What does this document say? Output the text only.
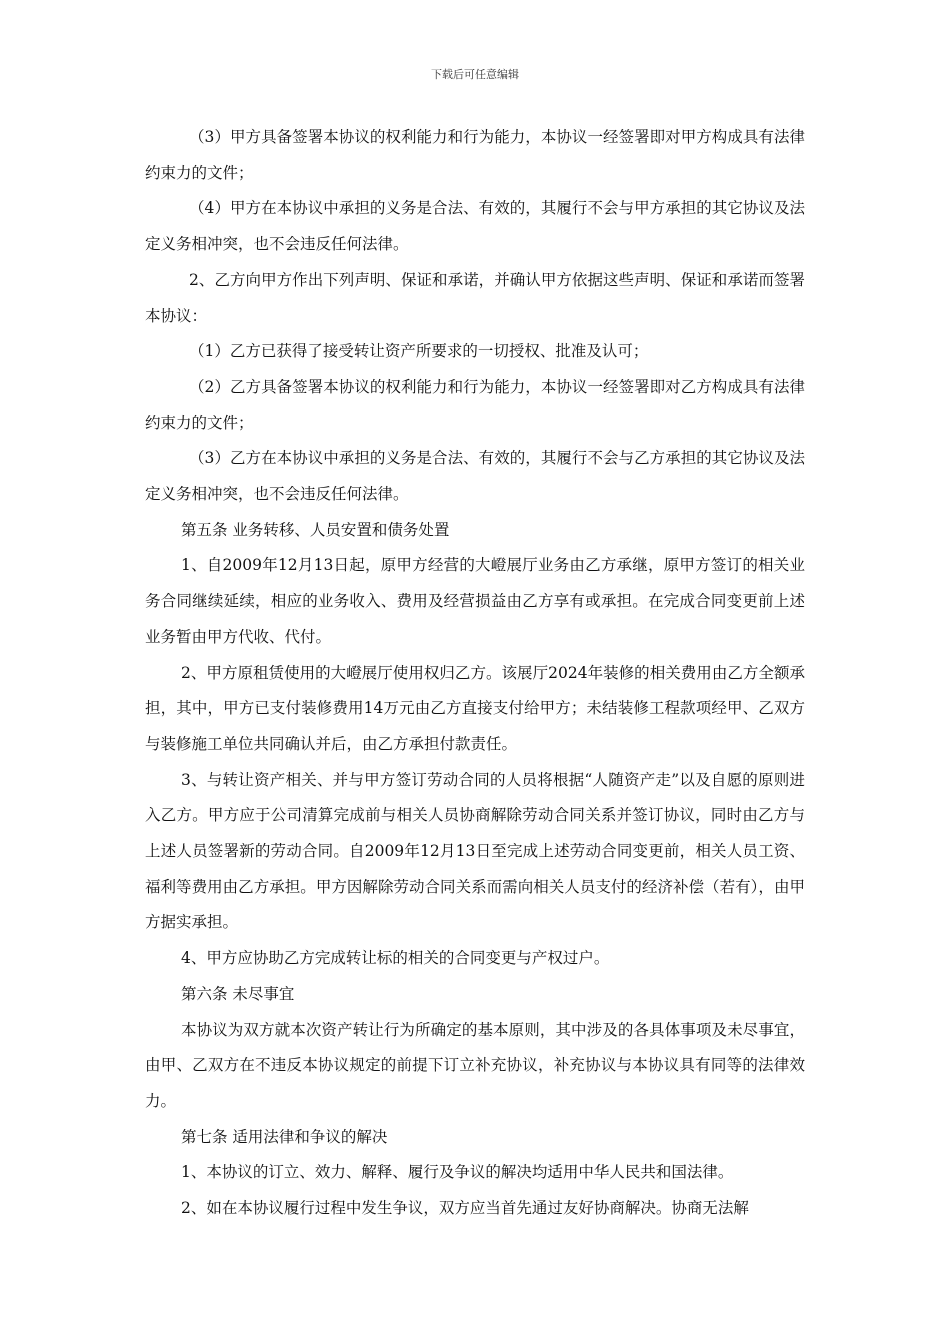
下载后可任意编辑

（3）甲方具备签署本协议的权利能力和行为能力，本协议一经签署即对甲方构成具有法律约束力的文件；

（4）甲方在本协议中承担的义务是合法、有效的，其履行不会与甲方承担的其它协议及法定义务相冲突，也不会违反任何法律。

2、乙方向甲方作出下列声明、保证和承诺，并确认甲方依据这些声明、保证和承诺而签署本协议：

（1）乙方已获得了接受转让资产所要求的一切授权、批准及认可；

（2）乙方具备签署本协议的权利能力和行为能力，本协议一经签署即对乙方构成具有法律约束力的文件；

（3）乙方在本协议中承担的义务是合法、有效的，其履行不会与乙方承担的其它协议及法定义务相冲突，也不会违反任何法律。

第五条 业务转移、人员安置和债务处置

1、自2009年12月13日起，原甲方经营的大嶝展厅业务由乙方承继，原甲方签订的相关业务合同继续延续，相应的业务收入、费用及经营损益由乙方享有或承担。在完成合同变更前上述业务暂由甲方代收、代付。

2、甲方原租赁使用的大嶝展厅使用权归乙方。该展厅2024年装修的相关费用由乙方全额承担，其中，甲方已支付装修费用14万元由乙方直接支付给甲方；未结装修工程款项经甲、乙双方与装修施工单位共同确认并后，由乙方承担付款责任。

3、与转让资产相关、并与甲方签订劳动合同的人员将根据“人随资产走”以及自愿的原则进入乙方。甲方应于公司清算完成前与相关人员协商解除劳动合同关系并签订协议，同时由乙方与上述人员签署新的劳动合同。自2009年12月13日至完成上述劳动合同变更前，相关人员工资、福利等费用由乙方承担。甲方因解除劳动合同关系而需向相关人员支付的经济补偿（若有），由甲方据实承担。

4、甲方应协助乙方完成转让标的相关的合同变更与产权过户。

第六条 未尽事宜

本协议为双方就本次资产转让行为所确定的基本原则，其中涉及的各具体事项及未尽事宜，由甲、乙双方在不违反本协议规定的前提下订立补充协议，补充协议与本协议具有同等的法律效力。

第七条 适用法律和争议的解决

1、本协议的订立、效力、解释、履行及争议的解决均适用中华人民共和国法律。

2、如在本协议履行过程中发生争议，双方应当首先通过友好协商解决。协商无法解
